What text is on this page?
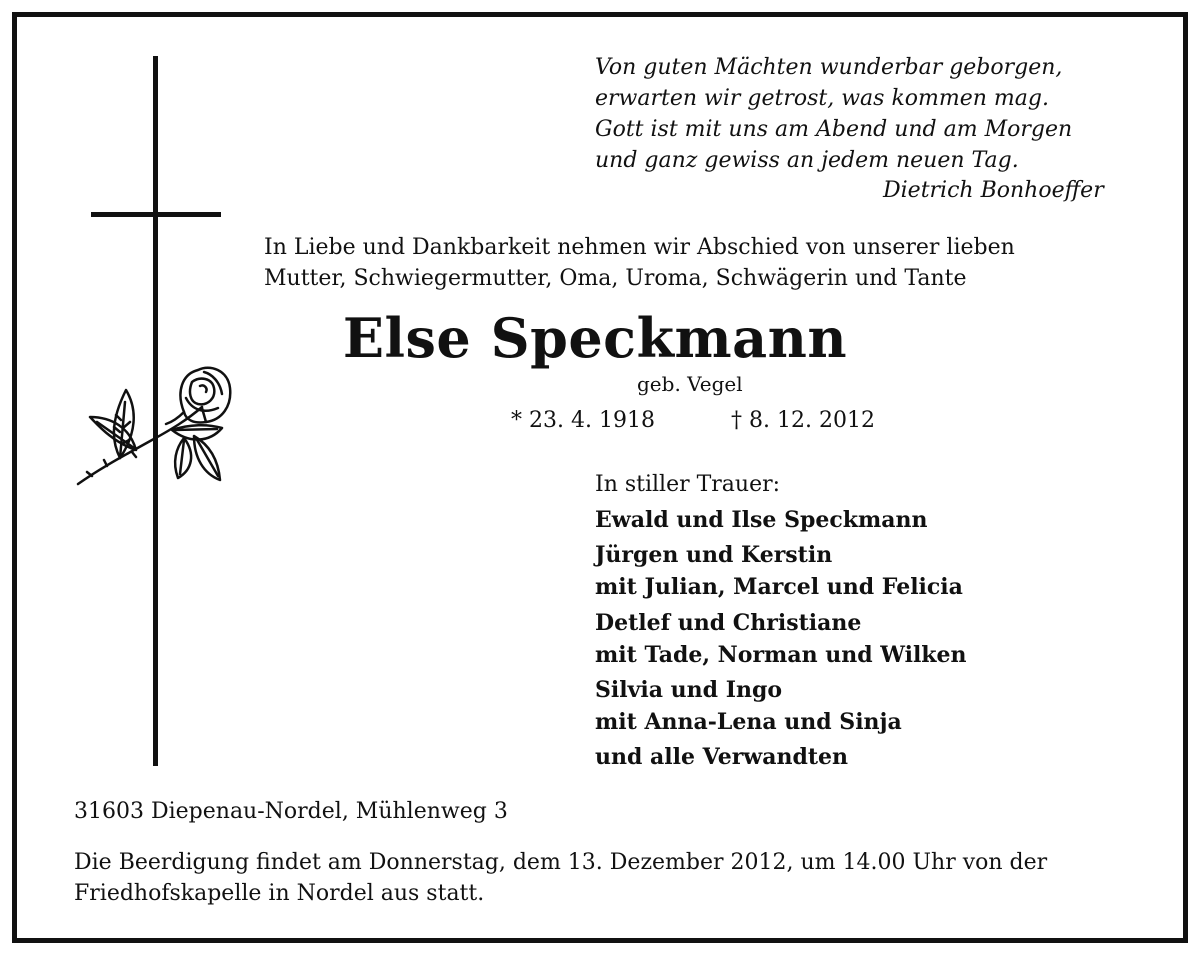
Von guten Mächten wunderbar geborgen,
erwarten wir getrost, was kommen mag.
Gott ist mit uns am Abend und am Morgen
und ganz gewiss an jedem neuen Tag.
Dietrich Bonhoeffer
In Liebe und Dankbarkeit nehmen wir Abschied von unserer lieben
Mutter, Schwiegermutter, Oma, Uroma, Schwägerin und Tante
Else Speckmann
geb. Vegel
* 23. 4. 1918	† 8. 12. 2012
In stiller Trauer:
Ewald und Ilse Speckmann
Jürgen und Kerstin
mit Julian, Marcel und Felicia
Detlef und Christiane
mit Tade, Norman und Wilken
Silvia und Ingo
mit Anna-Lena und Sinja
und alle Verwandten
31603 Diepenau-Nordel, Mühlenweg 3
Die Beerdigung findet am Donnerstag, dem 13. Dezember 2012, um 14.00 Uhr von der
Friedhofskapelle in Nordel aus statt.
